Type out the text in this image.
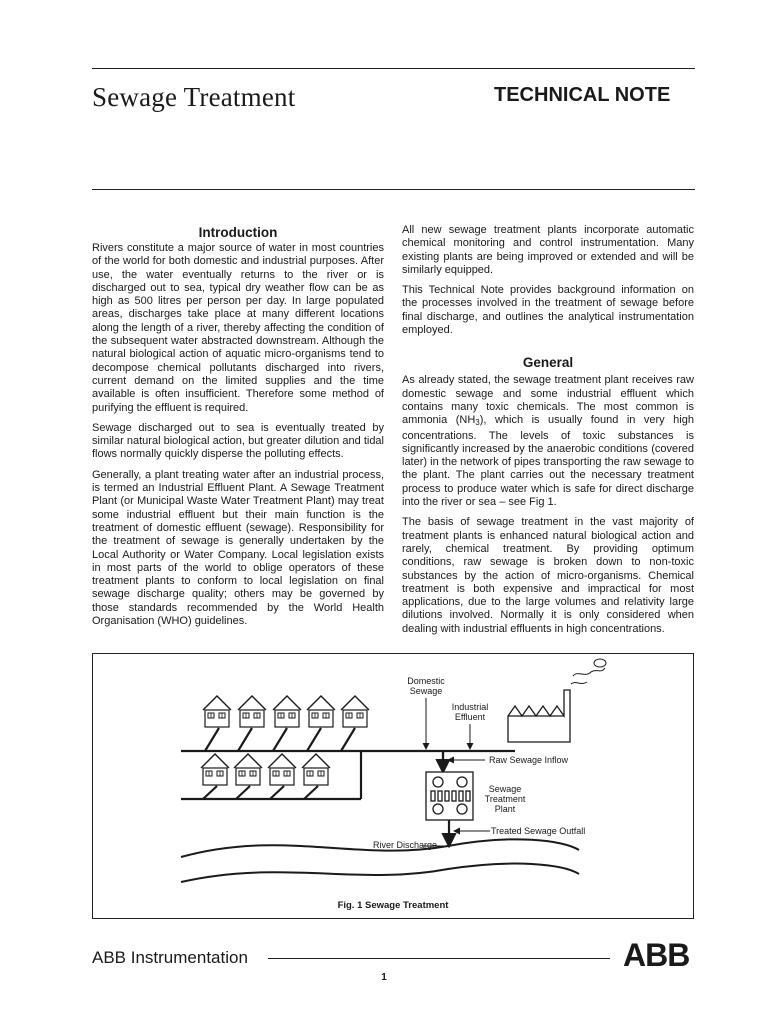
Sewage Treatment	TECHNICAL NOTE
Introduction

Rivers constitute a major source of water in most countries of the world for both domestic and industrial purposes. After use, the water eventually returns to the river or is discharged out to sea, typical dry weather flow can be as high as 500 litres per person per day. In large populated areas, discharges take place at many different locations along the length of a river, thereby affecting the condition of the subsequent water abstracted downstream. Although the natural biological action of aquatic micro-organisms tend to decompose chemical pollutants discharged into rivers, current demand on the limited supplies and the time available is often insufficient. Therefore some method of purifying the effluent is required.

Sewage discharged out to sea is eventually treated by similar natural biological action, but greater dilution and tidal flows normally quickly disperse the polluting effects.

Generally, a plant treating water after an industrial process, is termed an Industrial Effluent Plant. A Sewage Treatment Plant (or Municipal Waste Water Treatment Plant) may treat some industrial effluent but their main function is the treatment of domestic effluent (sewage). Responsibility for the treatment of sewage is generally undertaken by the Local Authority or Water Company. Local legislation exists in most parts of the world to oblige operators of these treatment plants to conform to local legislation on final sewage discharge quality; others may be governed by those standards recommended by the World Health Organisation (WHO) guidelines.

All new sewage treatment plants incorporate automatic chemical monitoring and control instrumentation. Many existing plants are being improved or extended and will be similarly equipped.

This Technical Note provides background information on the processes involved in the treatment of sewage before final discharge, and outlines the analytical instrumentation employed.

General

As already stated, the sewage treatment plant receives raw domestic sewage and some industrial effluent which contains many toxic chemicals. The most common is ammonia $(NH_3)$, which is usually found in very high concentrations. The levels of toxic substances is significantly increased by the anaerobic conditions (covered later) in the network of pipes transporting the raw sewage to the plant. The plant carries out the necessary treatment process to produce water which is safe for direct discharge into the river or sea – see Fig 1.

The basis of sewage treatment in the vast majority of treatment plants is enhanced natural biological action and rarely, chemical treatment. By providing optimum conditions, raw sewage is broken down to non-toxic substances by the action of micro-organisms. Chemical treatment is both expensive and impractical for most applications, due to the large volumes and relativity large dilutions involved. Normally it is only considered when dealing with industrial effluents in high concentrations.

Domestic
Sewage
Industrial
Effluent
Raw Sewage Inflow
Sewage
Treatment
Plant
Treated Sewage Outfall
River Discharge
Fig. 1 Sewage Treatment
ABB Instrumentation	ABB
1
